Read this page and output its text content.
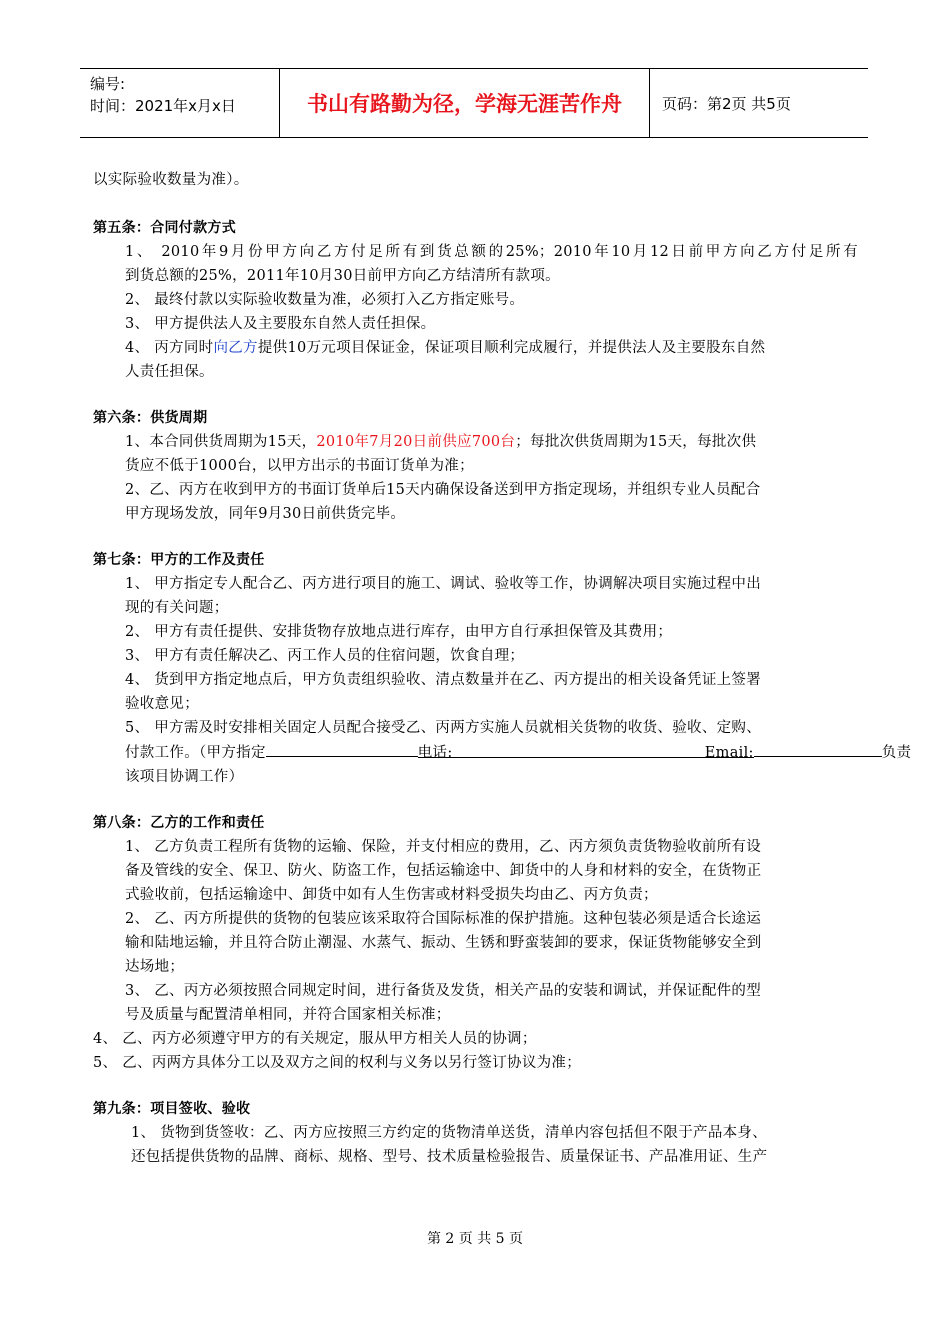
编号:
时间：2021年x月x日	书山有路勤为径，学海无涯苦作舟	页码：第2页 共5页

以实际验收数量为准）。

第五条：合同付款方式

1、 2010年9月份甲方向乙方付足所有到货总额的25%；2010年10月12日前甲方向乙方付足所有

到货总额的25%，2011年10月30日前甲方向乙方结清所有款项。

2、 最终付款以实际验收数量为准，必须打入乙方指定账号。

3、 甲方提供法人及主要股东自然人责任担保。

4、 丙方同时向乙方提供10万元项目保证金，保证项目顺利完成履行，并提供法人及主要股东自然

人责任担保。

第六条：供货周期

1、本合同供货周期为15天，2010年7月20日前供应700台；每批次供货周期为15天，每批次供

货应不低于1000台，以甲方出示的书面订货单为准；

2、乙、丙方在收到甲方的书面订货单后15天内确保设备送到甲方指定现场，并组织专业人员配合

甲方现场发放，同年9月30日前供货完毕。

第七条：甲方的工作及责任

1、 甲方指定专人配合乙、丙方进行项目的施工、调试、验收等工作，协调解决项目实施过程中出

现的有关问题；

2、 甲方有责任提供、安排货物存放地点进行库存，由甲方自行承担保管及其费用；

3、 甲方有责任解决乙、丙工作人员的住宿问题，饮食自理；

4、 货到甲方指定地点后，甲方负责组织验收、清点数量并在乙、丙方提出的相关设备凭证上签署

验收意见；

5、 甲方需及时安排相关固定人员配合接受乙、丙两方实施人员就相关货物的收货、验收、定购、

付款工作。（甲方指定	电话:	Email:	负责

该项目协调工作）

第八条：乙方的工作和责任

1、 乙方负责工程所有货物的运输、保险，并支付相应的费用，乙、丙方须负责货物验收前所有设

备及管线的安全、保卫、防火、防盗工作，包括运输途中、卸货中的人身和材料的安全，在货物正

式验收前，包括运输途中、卸货中如有人生伤害或材料受损失均由乙、丙方负责；

2、 乙、丙方所提供的货物的包装应该采取符合国际标准的保护措施。这种包装必须是适合长途运

输和陆地运输，并且符合防止潮湿、水蒸气、振动、生锈和野蛮装卸的要求，保证货物能够安全到

达场地；

3、 乙、丙方必须按照合同规定时间，进行备货及发货，相关产品的安装和调试，并保证配件的型

号及质量与配置清单相同，并符合国家相关标准；

4、 乙、丙方必须遵守甲方的有关规定，服从甲方相关人员的协调；

5、 乙、丙两方具体分工以及双方之间的权利与义务以另行签订协议为准；

第九条：项目签收、验收

1、 货物到货签收：乙、丙方应按照三方约定的货物清单送货，清单内容包括但不限于产品本身、

还包括提供货物的品牌、商标、规格、型号、技术质量检验报告、质量保证书、产品准用证、生产

第 2 页 共 5 页
